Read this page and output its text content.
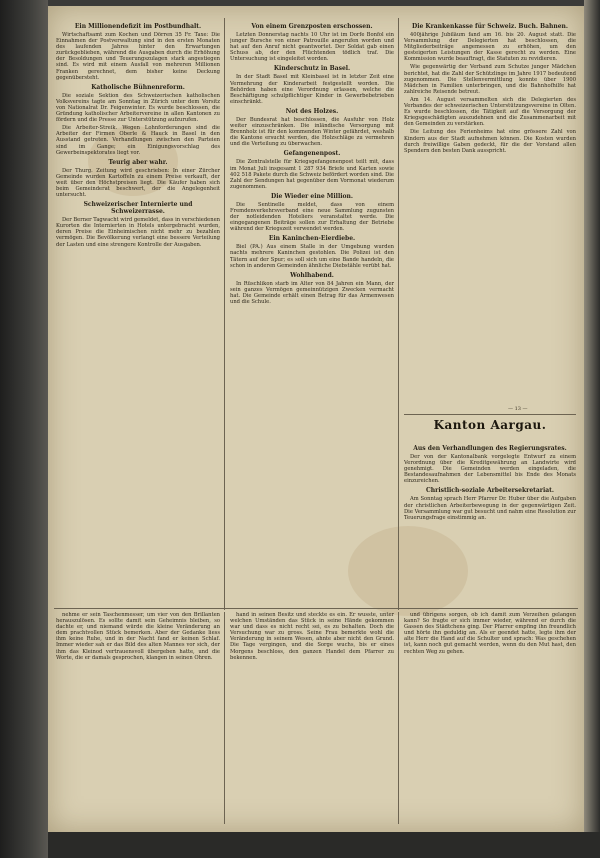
Ein Millionendefizit im Postbundhalt.

Wirtschaftsamt zum Kochen und Dörren 35 Fr. Taxe: Die Einnahmen der Postverwaltung sind in den ersten Monaten des laufenden Jahres hinter den Erwartungen zurückgeblieben, während die Ausgaben durch die Erhöhung der Besoldungen und Teuerungszulagen stark angestiegen sind. Es wird mit einem Ausfall von mehreren Millionen Franken gerechnet, dem bisher keine Deckung gegenübersteht.

Katholische Bühnenreform.

Die soziale Sektion des Schweizerischen katholischen Volksvereins tagte am Sonntag in Zürich unter dem Vorsitz von Nationalrat Dr. Feigenwinter. Es wurde beschlossen, die Gründung katholischer Arbeitervereine in allen Kantonen zu fördern und die Presse zur Unterstützung aufzurufen.

Die Arbeiter-Streik. Wegen Lohnforderungen sind die Arbeiter der Firmen Oberle & Hauck in Basel in den Ausstand getreten. Verhandlungen zwischen den Parteien sind im Gange; ein Einigungsvorschlag des Gewerbeinspektorates liegt vor.

Teurig aber wahr.

Der Thurg. Zeitung wird geschrieben: In einer Zürcher Gemeinde wurden Kartoffeln zu einem Preise verkauft, der weit über den Höchstpreisen liegt. Die Käufer haben sich beim Gemeinderat beschwert, der die Angelegenheit untersucht.

Schweizerischer Internierte und Schweizerrasse.

Der Berner Tagwacht wird gemeldet, dass in verschiedenen Kurorten die Internierten in Hotels untergebracht wurden, deren Preise die Einheimischen nicht mehr zu bezahlen vermögen. Die Bevölkerung verlangt eine bessere Verteilung der Lasten und eine strengere Kontrolle der Ausgaben.

Von einem Grenzposten erschossen.

Letzten Donnerstag nachts 10 Uhr ist im Dorfe Bonfol ein junger Bursche von einer Patrouille angerufen worden und hat auf den Anruf nicht geantwortet. Der Soldat gab einen Schuss ab, der den Flüchtenden tödlich traf. Die Untersuchung ist eingeleitet worden.

Kinderschutz in Basel.

In der Stadt Basel mit Kleinbasel ist in letzter Zeit eine Vermehrung der Kinderarbeit festgestellt worden. Die Behörden haben eine Verordnung erlassen, welche die Beschäftigung schulpflichtiger Kinder in Gewerbebetrieben einschränkt.

Not des Holzes.

Der Bundesrat hat beschlossen, die Ausfuhr von Holz weiter einzuschränken. Die inländische Versorgung mit Brennholz ist für den kommenden Winter gefährdet, weshalb die Kantone ersucht werden, die Holzschläge zu vermehren und die Verteilung zu überwachen.

Gefangenenpost.

Die Zentralstelle für Kriegsgefangenenpost teilt mit, dass im Monat Juli insgesamt 1 287 934 Briefe und Karten sowie 402 518 Pakete durch die Schweiz befördert worden sind. Die Zahl der Sendungen hat gegenüber dem Vormonat wiederum zugenommen.

Die Wieder eine Million.

Die Sentinelle meldet, dass von einem Fremdenverkehrsverband eine neue Sammlung zugunsten der notleidenden Hoteliers veranstaltet werde. Die eingegangenen Beiträge sollen zur Erhaltung der Betriebe während der Kriegszeit verwendet werden.

Ein Kaninchen-Eierdiebe.

Biel (PA.) Aus einem Stalle in der Umgebung wurden nachts mehrere Kaninchen gestohlen. Die Polizei ist den Tätern auf der Spur; es soll sich um eine Bande handeln, die schon in anderen Gemeinden ähnliche Diebstähle verübt hat.

Wohlhabend.

In Rüschlikon starb im Alter von 84 Jahren ein Mann, der sein ganzes Vermögen gemeinnützigen Zwecken vermacht hat. Die Gemeinde erhält einen Betrag für das Armenwesen und die Schule.

Die Krankenkasse für Schweiz. Buch. Bahnen.

400jährige Jubiläum fand am 16. bis 20. August statt. Die Versammlung der Delegierten hat beschlossen, die Mitgliederbeiträge angemessen zu erhöhen, um den gesteigerten Leistungen der Kasse gerecht zu werden. Eine Kommission wurde beauftragt, die Statuten zu revidieren.

Wie gegenwärtig der Verband zum Schutze junger Mädchen berichtet, hat die Zahl der Schützlinge im Jahre 1917 bedeutend zugenommen. Die Stellenvermittlung konnte über 1900 Mädchen in Familien unterbringen, und die Bahnhofhilfe hat zahlreiche Reisende betreut.

Am 14. August versammelten sich die Delegierten des Verbandes der schweizerischen Unterstützungsvereine in Olten. Es wurde beschlossen, die Tätigkeit auf die Versorgung der Kriegsgeschädigten auszudehnen und die Zusammenarbeit mit den Gemeinden zu verstärken.

Die Leitung des Ferienheims hat eine grössere Zahl von Kindern aus der Stadt aufnehmen können. Die Kosten wurden durch freiwillige Gaben gedeckt, für die der Vorstand allen Spendern den besten Dank ausspricht.

— 13 —
Kanton Aargau.
Aus den Verhandlungen des Regierungsrates.

Der von der Kantonalbank vorgelegte Entwurf zu einem Verordnung über die Kreditgewährung an Landwirte wird genehmigt. Die Gemeinden werden eingeladen, die Bestandesaufnahmen der Lebensmittel bis Ende des Monats einzureichen.

Christlich-soziale Arbeitersekretariat.

Am Sonntag sprach Herr Pfarrer Dr. Huber über die Aufgaben der christlichen Arbeiterbewegung in der gegenwärtigen Zeit. Die Versammlung war gut besucht und nahm eine Resolution zur Teuerungsfrage einstimmig an.

nehme er sein Taschenmesser, um vier von den Brillanten herauszulösen. Es sollte damit sein Geheimnis bleiben, so dachte er, und niemand würde die kleine Veränderung an dem prachtvollen Stück bemerken. Aber der Gedanke liess ihm keine Ruhe, und in der Nacht fand er keinen Schlaf. Immer wieder sah er das Bild des alten Mannes vor sich, der ihm das Kleinod vertrauensvoll übergeben hatte, und die Worte, die er damals gesprochen, klangen in seinen Ohren.

hand in seinen Besitz und steckte es ein. Er wusste, unter welchen Umständen das Stück in seine Hände gekommen war und dass es nicht recht sei, es zu behalten. Doch die Versuchung war zu gross. Seine Frau bemerkte wohl die Veränderung in seinem Wesen, ahnte aber nicht den Grund. Die Tage vergingen, und die Sorge wuchs, bis er eines Morgens beschloss, den ganzen Handel dem Pfarrer zu bekennen.

und übrigens sorgen, ob ich damit zum Verzeihen gelangen kann? So fragte er sich immer wieder, während er durch die Gassen des Städtchens ging. Der Pfarrer empfing ihn freundlich und hörte ihn geduldig an. Als er geendet hatte, legte ihm der alte Herr die Hand auf die Schulter und sprach: Was geschehen ist, kann noch gut gemacht werden, wenn du den Mut hast, den rechten Weg zu gehen.
